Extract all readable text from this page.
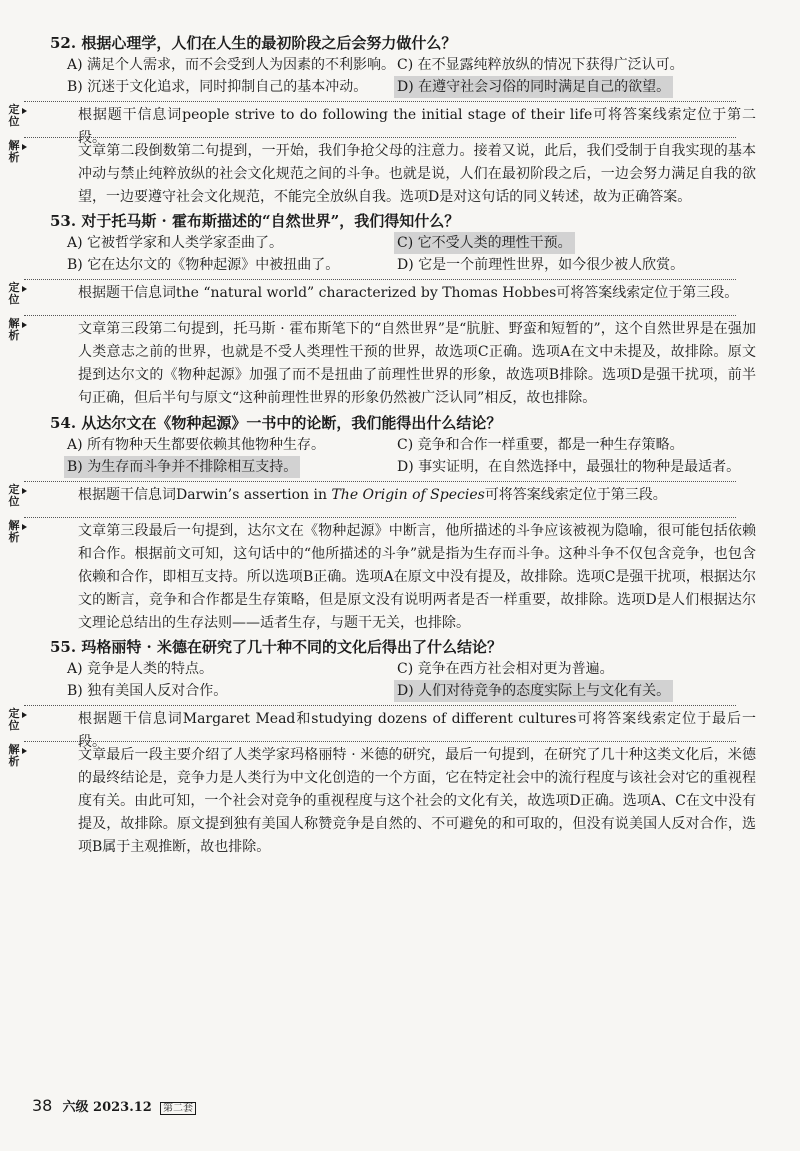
52. 根据心理学，人们在人生的最初阶段之后会努力做什么？
A) 满足个人需求，而不会受到人为因素的不利影响。 C) 在不显露纯粹放纵的情况下获得广泛认可。
B) 沉迷于文化追求，同时抑制自己的基本冲动。 D) 在遵守社会习俗的同时满足自己的欲望。
定位	根据题干信息词people strive to do following the initial stage of their life可将答案线索定位于第二段。
解析	文章第二段倒数第二句提到，一开始，我们争抢父母的注意力。接着又说，此后，我们受制于自我实现的基本冲动与禁止纯粹放纵的社会文化规范之间的斗争。也就是说，人们在最初阶段之后，一边会努力满足自我的欲望，一边要遵守社会文化规范，不能完全放纵自我。选项D是对这句话的同义转述，故为正确答案。
53. 对于托马斯 · 霍布斯描述的“自然世界”，我们得知什么？
A) 它被哲学家和人类学家歪曲了。	C) 它不受人类的理性干预。
B) 它在达尔文的《物种起源》中被扭曲了。	D) 它是一个前理性世界，如今很少被人欣赏。
定位	根据题干信息词the “natural world” characterized by Thomas Hobbes可将答案线索定位于第三段。
解析	文章第三段第二句提到，托马斯 · 霍布斯笔下的“自然世界”是“肮脏、野蛮和短暂的”，这个自然世界是在强加人类意志之前的世界，也就是不受人类理性干预的世界，故选项C正确。选项A在文中未提及，故排除。原文提到达尔文的《物种起源》加强了而不是扭曲了前理性世界的形象，故选项B排除。选项D是强干扰项，前半句正确，但后半句与原文“这种前理性世界的形象仍然被广泛认同”相反，故也排除。
54. 从达尔文在《物种起源》一书中的论断，我们能得出什么结论？
A) 所有物种天生都要依赖其他物种生存。	C) 竞争和合作一样重要，都是一种生存策略。
B) 为生存而斗争并不排除相互支持。	D) 事实证明，在自然选择中，最强壮的物种是最适者。
定位	根据题干信息词Darwin’s assertion in The Origin of Species可将答案线索定位于第三段。
解析	文章第三段最后一句提到，达尔文在《物种起源》中断言，他所描述的斗争应该被视为隐喻，很可能包括依赖和合作。根据前文可知，这句话中的“他所描述的斗争”就是指为生存而斗争。这种斗争不仅包含竞争，也包含依赖和合作，即相互支持。所以选项B正确。选项A在原文中没有提及，故排除。选项C是强干扰项，根据达尔文的断言，竞争和合作都是生存策略，但是原文没有说明两者是否一样重要，故排除。选项D是人们根据达尔文理论总结出的生存法则——适者生存，与题干无关，也排除。
55. 玛格丽特 · 米德在研究了几十种不同的文化后得出了什么结论？
A) 竞争是人类的特点。	C) 竞争在西方社会相对更为普遍。
B) 独有美国人反对合作。	D) 人们对待竞争的态度实际上与文化有关。
定位	根据题干信息词Margaret Mead和studying dozens of different cultures可将答案线索定位于最后一段。
解析	文章最后一段主要介绍了人类学家玛格丽特 · 米德的研究，最后一句提到，在研究了几十种这类文化后，米德的最终结论是，竞争力是人类行为中文化创造的一个方面，它在特定社会中的流行程度与该社会对它的重视程度有关。由此可知，一个社会对竞争的重视程度与这个社会的文化有关，故选项D正确。选项A、C在文中没有提及，故排除。原文提到独有美国人称赞竞争是自然的、不可避免的和可取的，但没有说美国人反对合作，选项B属于主观推断，故也排除。
38 六级 2023.12 第二套
